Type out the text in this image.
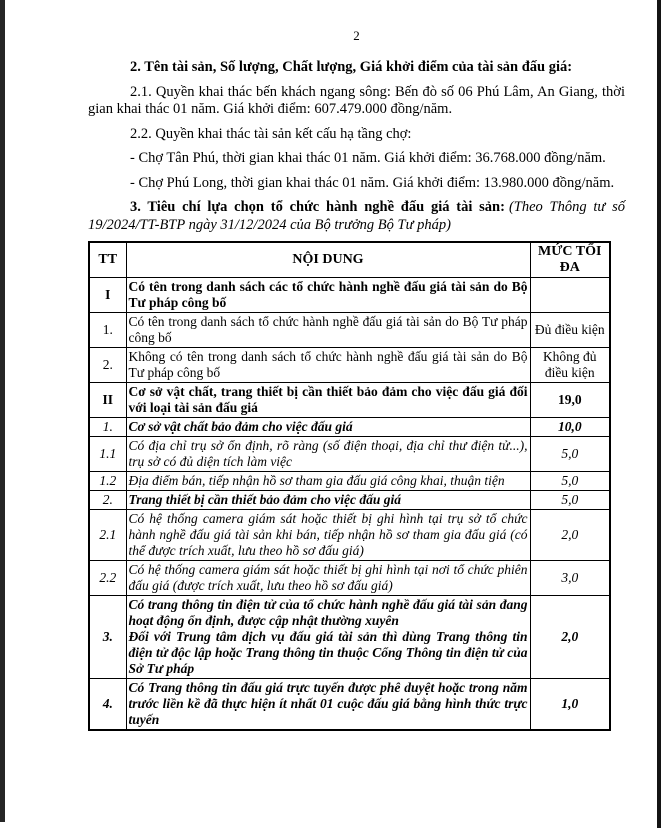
2

2. Tên tài sản, Số lượng, Chất lượng, Giá khởi điểm của tài sản đấu giá:

2.1. Quyền khai thác bến khách ngang sông: Bến đò số 06 Phú Lâm, An Giang, thời gian khai thác 01 năm. Giá khởi điểm: 607.479.000 đồng/năm.

2.2. Quyền khai thác tài sản kết cấu hạ tầng chợ:

- Chợ Tân Phú, thời gian khai thác 01 năm. Giá khởi điểm: 36.768.000 đồng/năm.

- Chợ Phú Long, thời gian khai thác 01 năm. Giá khởi điểm: 13.980.000 đồng/năm.

3. Tiêu chí lựa chọn tổ chức hành nghề đấu giá tài sản: (Theo Thông tư số 19/2024/TT-BTP ngày 31/12/2024 của Bộ trưởng Bộ Tư pháp)

TT	NỘI DUNG	MỨC TỐI ĐA
I	Có tên trong danh sách các tổ chức hành nghề đấu giá tài sản do Bộ Tư pháp công bố	
1.	Có tên trong danh sách tổ chức hành nghề đấu giá tài sản do Bộ Tư pháp công bố	Đủ điều kiện
2.	Không có tên trong danh sách tổ chức hành nghề đấu giá tài sản do Bộ Tư pháp công bố	Không đủ điều kiện
II	Cơ sở vật chất, trang thiết bị cần thiết bảo đảm cho việc đấu giá đối với loại tài sản đấu giá	19,0
1.	Cơ sở vật chất bảo đảm cho việc đấu giá	10,0
1.1	Có địa chỉ trụ sở ổn định, rõ ràng (số điện thoại, địa chỉ thư điện tử...), trụ sở có đủ diện tích làm việc	5,0
1.2	Địa điểm bán, tiếp nhận hồ sơ tham gia đấu giá công khai, thuận tiện	5,0
2.	Trang thiết bị cần thiết bảo đảm cho việc đấu giá	5,0
2.1	Có hệ thống camera giám sát hoặc thiết bị ghi hình tại trụ sở tổ chức hành nghề đấu giá tài sản khi bán, tiếp nhận hồ sơ tham gia đấu giá (có thể được trích xuất, lưu theo hồ sơ đấu giá)	2,0
2.2	Có hệ thống camera giám sát hoặc thiết bị ghi hình tại nơi tổ chức phiên đấu giá (được trích xuất, lưu theo hồ sơ đấu giá)	3,0
3.	Có trang thông tin điện tử của tổ chức hành nghề đấu giá tài sản đang hoạt động ổn định, được cập nhật thường xuyên
Đối với Trung tâm dịch vụ đấu giá tài sản thì dùng Trang thông tin điện tử độc lập hoặc Trang thông tin thuộc Cổng Thông tin điện tử của Sở Tư pháp	2,0
4.	Có Trang thông tin đấu giá trực tuyến được phê duyệt hoặc trong năm trước liền kề đã thực hiện ít nhất 01 cuộc đấu giá bằng hình thức trực tuyến	1,0
